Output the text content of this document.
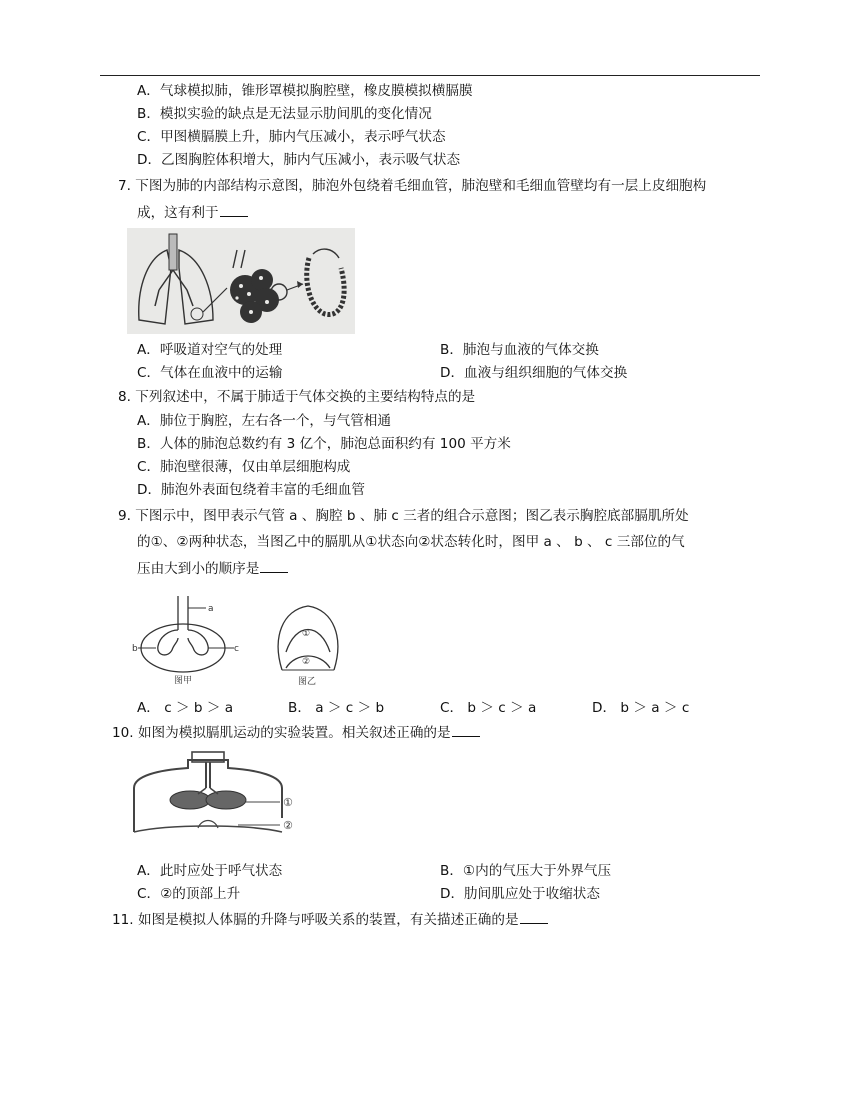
A．气球模拟肺，锥形罩模拟胸腔壁，橡皮膜模拟横膈膜
B．模拟实验的缺点是无法显示肋间肌的变化情况
C．甲图横膈膜上升，肺内气压减小，表示呼气状态
D．乙图胸腔体积增大，肺内气压减小，表示吸气状态
7. 下图为肺的内部结构示意图，肺泡外包绕着毛细血管，肺泡壁和毛细血管壁均有一层上皮细胞构
成，这有利于
A．呼吸道对空气的处理	B．肺泡与血液的气体交换
C．气体在血液中的运输	D．血液与组织细胞的气体交换
8. 下列叙述中，不属于肺适于气体交换的主要结构特点的是
A．肺位于胸腔，左右各一个，与气管相通
B．人体的肺泡总数约有 3 亿个，肺泡总面积约有 100 平方米
C．肺泡壁很薄，仅由单层细胞构成
D．肺泡外表面包绕着丰富的毛细血管
9. 下图示中，图甲表示气管 a 、胸腔 b 、肺 c 三者的组合示意图；图乙表示胸腔底部膈肌所处
的①、②两种状态，当图乙中的膈肌从①状态向②状态转化时，图甲 a 、 b 、 c 三部位的气
压由大到小的顺序是
a
b	c
图甲
①
②
图乙
A． c ＞ b ＞ a	B． a ＞ c ＞ b	C． b ＞ c ＞ a	D． b ＞ a ＞ c
10. 如图为模拟膈肌运动的实验装置。相关叙述正确的是
①
②
A．此时应处于呼气状态	B．①内的气压大于外界气压
C．②的顶部上升	D．肋间肌应处于收缩状态
11. 如图是模拟人体膈的升降与呼吸关系的装置，有关描述正确的是
